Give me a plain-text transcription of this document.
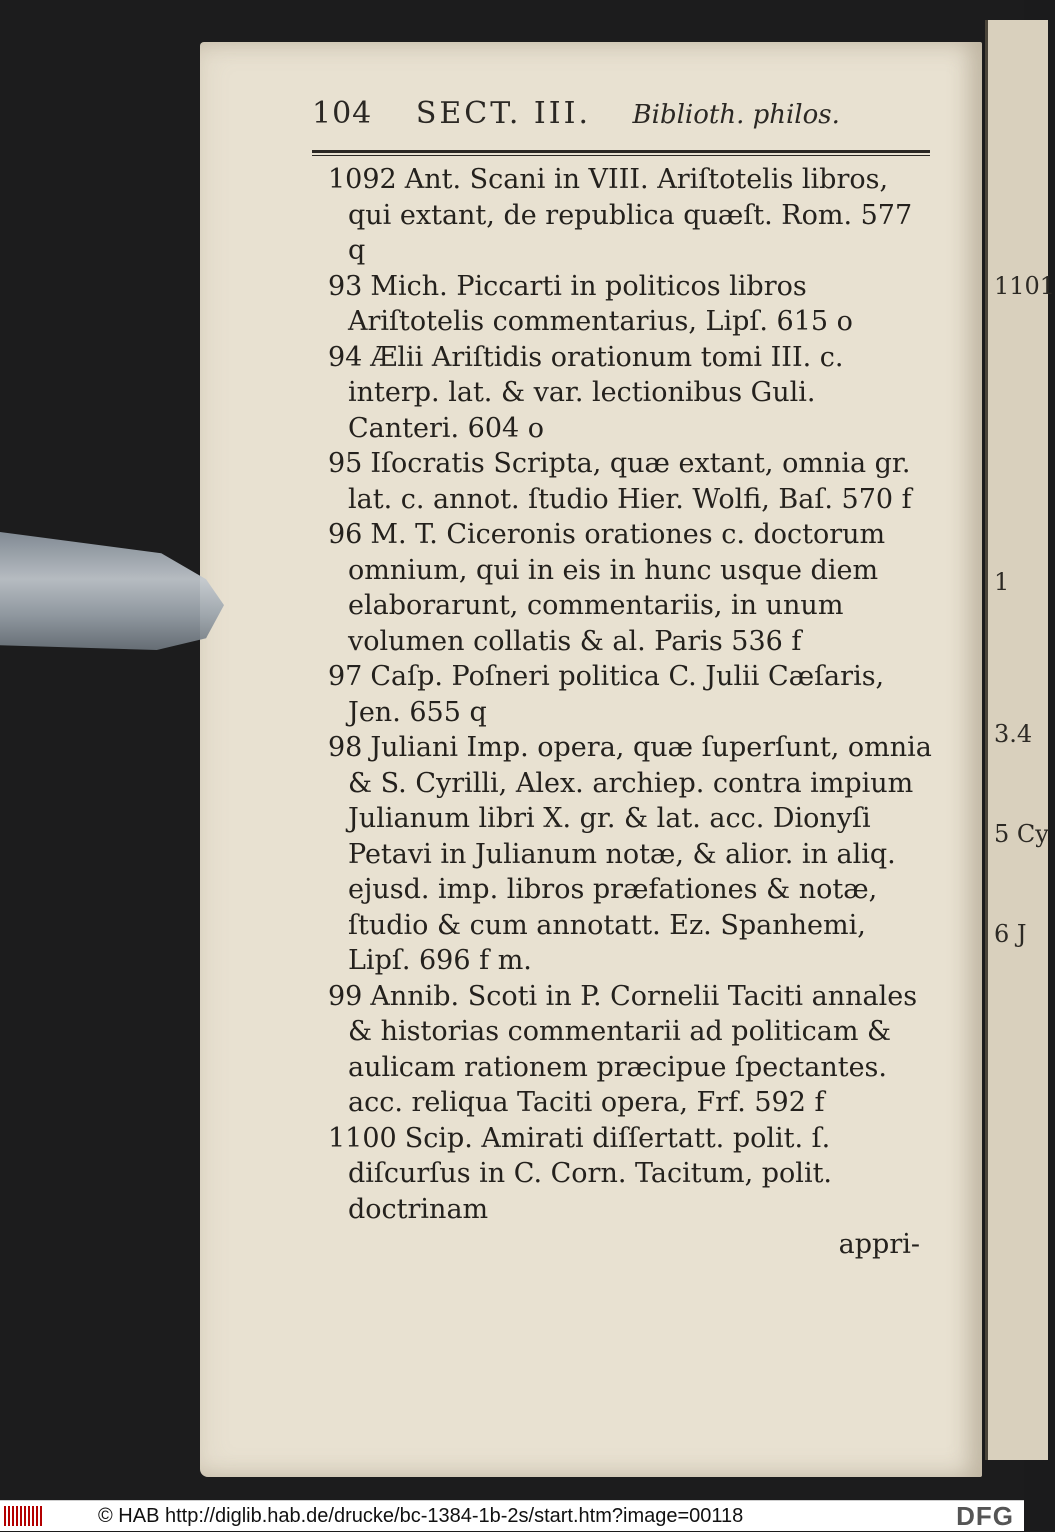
1101
1
3.4
5 Cy
6 J
104 SECT. III. Biblioth. philos.
1092 Ant. Scani in VIII. Ariſtotelis libros, qui extant, de republica quæſt. Rom. 577 q
93 Mich. Piccarti in politicos libros Ariſtotelis commentarius, Lipſ. 615 o
94 Ælii Ariſtidis orationum tomi III. c. interp. lat. & var. lectionibus Guli. Canteri. 604 o
95 Iſocratis Scripta, quæ extant, omnia gr. lat. c. annot. ſtudio Hier. Wolfi, Baſ. 570 f
96 M. T. Ciceronis orationes c. doctorum omnium, qui in eis in hunc usque diem elaborarunt, commentariis, in unum volumen collatis & al. Paris 536 f
97 Caſp. Poſneri politica C. Julii Cæſaris, Jen. 655 q
98 Juliani Imp. opera, quæ ſuperſunt, omnia & S. Cyrilli, Alex. archiep. contra impium Julianum libri X. gr. & lat. acc. Dionyſi Petavi in Julianum notæ, & alior. in aliq. ejusd. imp. libros præfationes & notæ, ſtudio & cum annotatt. Ez. Spanhemi, Lipſ. 696 f m.
99 Annib. Scoti in P. Cornelii Taciti annales & historias commentarii ad politicam & aulicam rationem præcipue ſpectantes. acc. reliqua Taciti opera, Frf. 592 f
1100 Scip. Amirati diſſertatt. polit. ſ. diſcurſus in C. Corn. Tacitum, polit. doctrinam
appri-
© HAB http://diglib.hab.de/drucke/bc-1384-1b-2s/start.htm?image=00118	DFG
